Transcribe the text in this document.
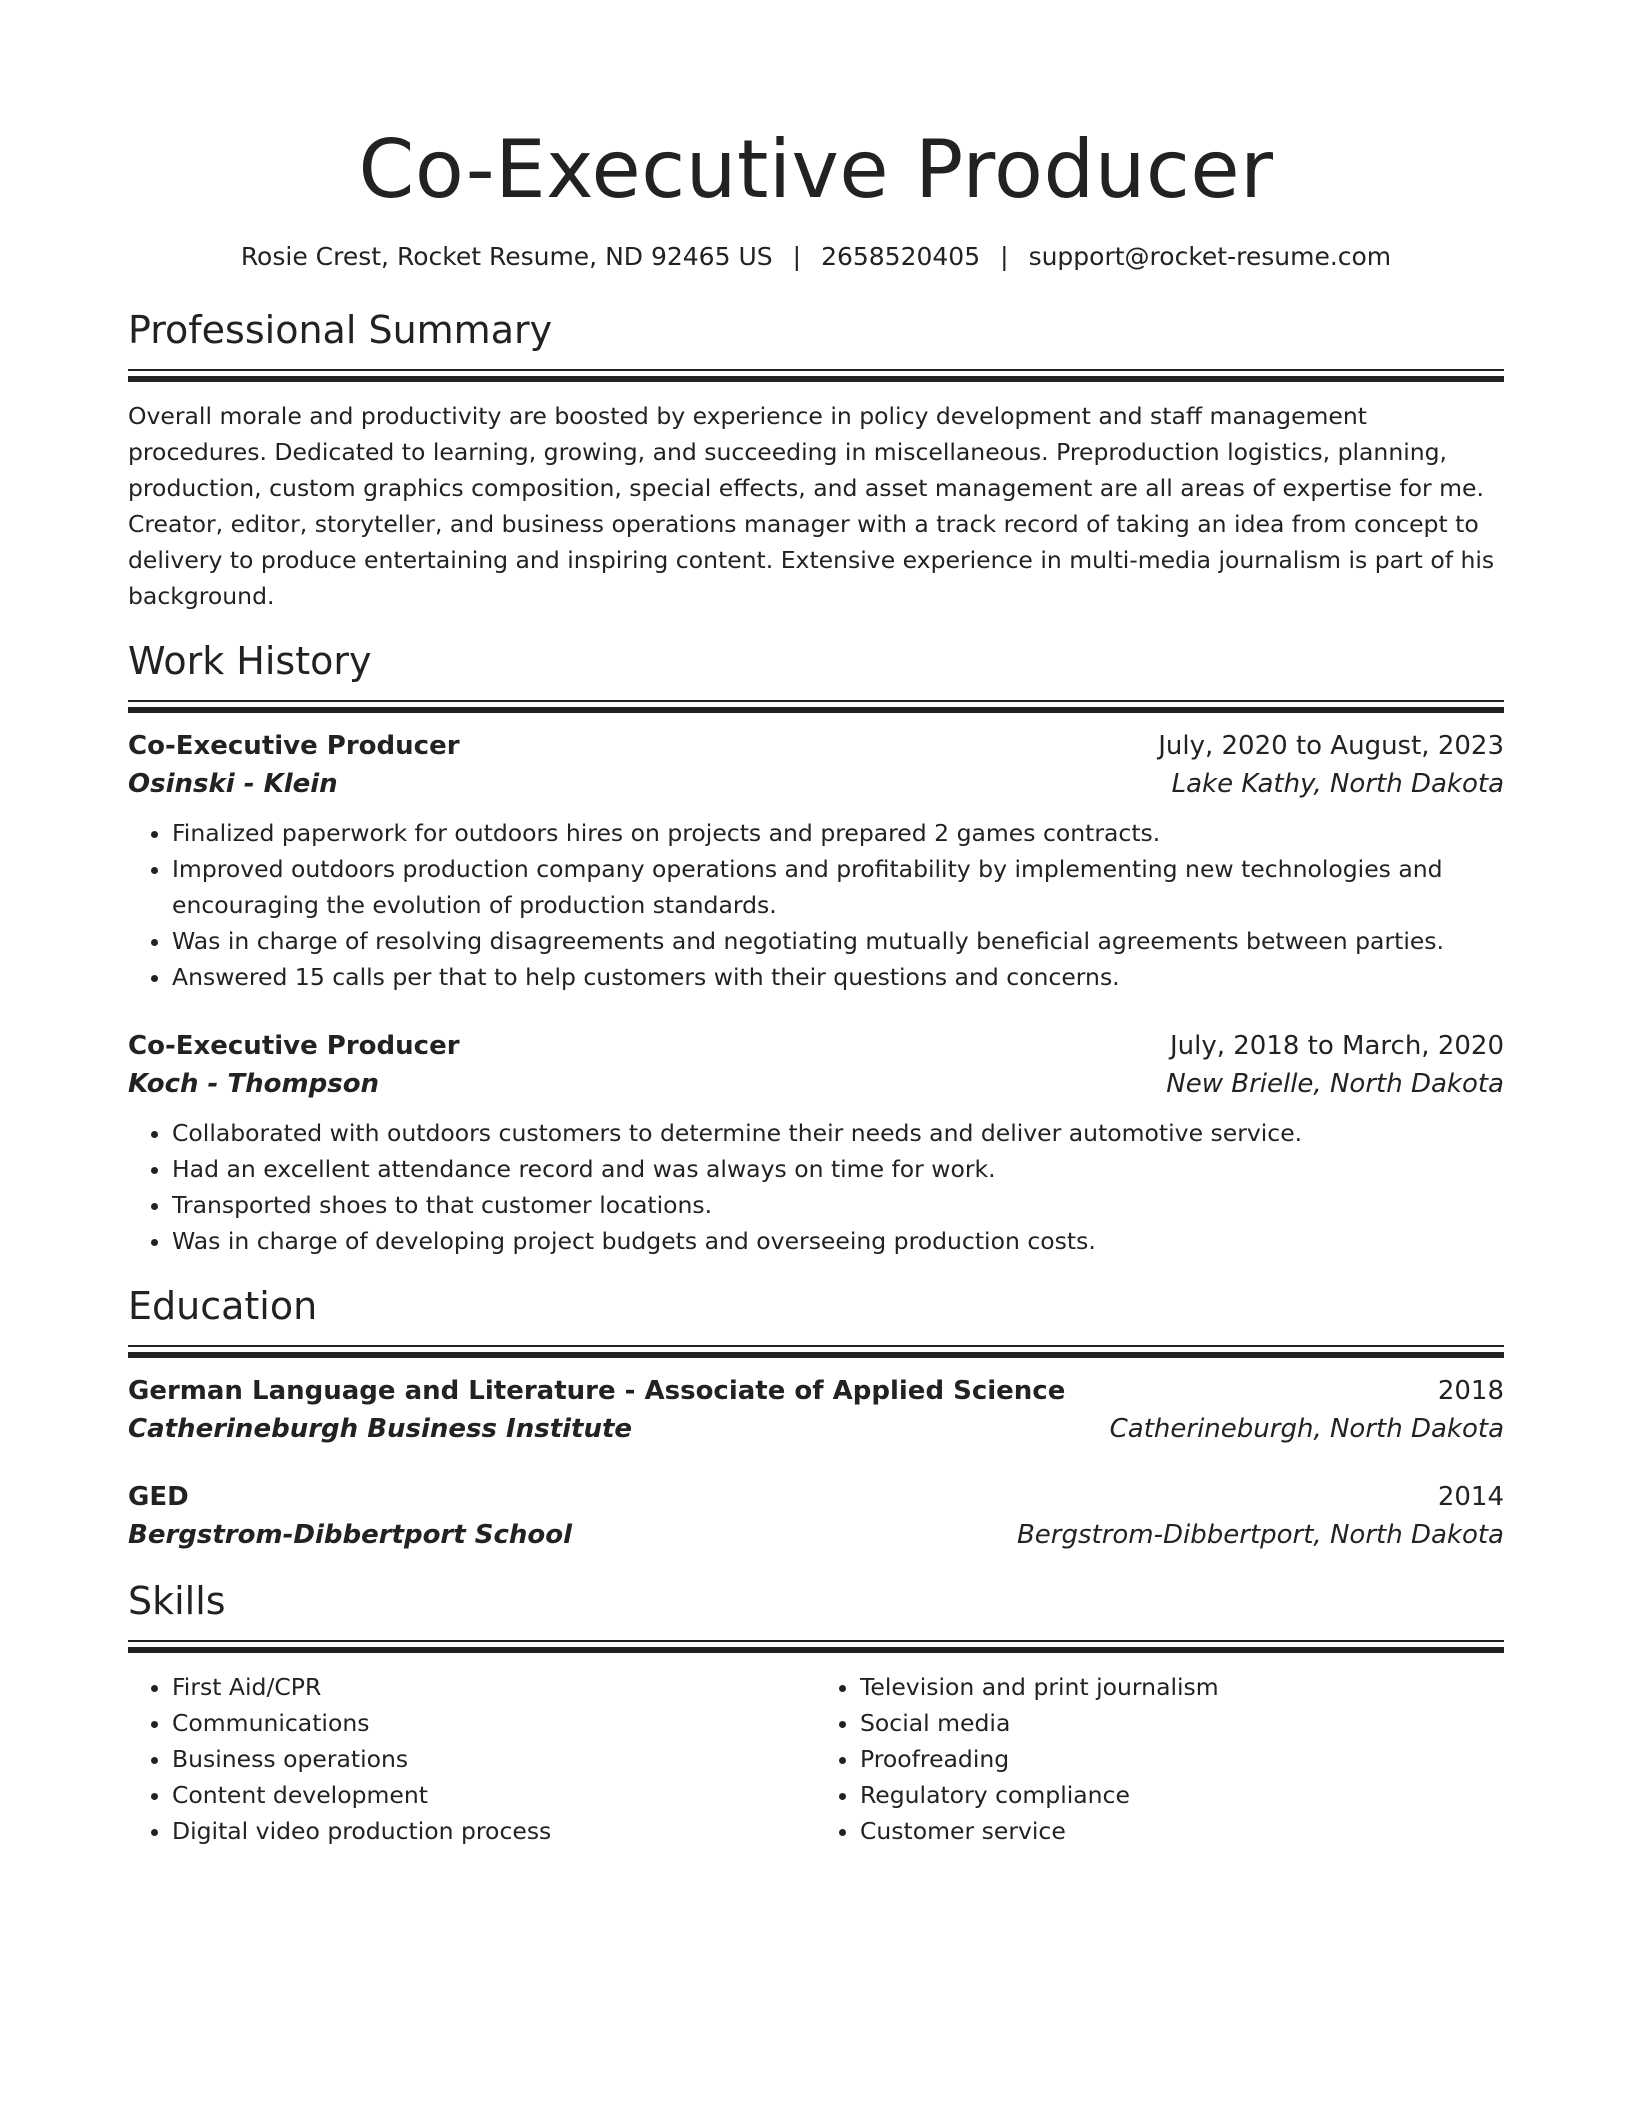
Co-Executive Producer
Rosie Crest, Rocket Resume, ND 92465 US | 2658520405 | support@rocket-resume.com
Professional Summary

Overall morale and productivity are boosted by experience in policy development and staff management procedures. Dedicated to learning, growing, and succeeding in miscellaneous. Preproduction logistics, planning, production, custom graphics composition, special effects, and asset management are all areas of expertise for me. Creator, editor, storyteller, and business operations manager with a track record of taking an idea from concept to delivery to produce entertaining and inspiring content. Extensive experience in multi-media journalism is part of his background.

Work History
Co-Executive Producer	July, 2020 to August, 2023
Osinski - Klein	Lake Kathy, North Dakota
• Finalized paperwork for outdoors hires on projects and prepared 2 games contracts.
• Improved outdoors production company operations and profitability by implementing new technologies and encouraging the evolution of production standards.
• Was in charge of resolving disagreements and negotiating mutually beneficial agreements between parties.
• Answered 15 calls per that to help customers with their questions and concerns.
Co-Executive Producer	July, 2018 to March, 2020
Koch - Thompson	New Brielle, North Dakota
• Collaborated with outdoors customers to determine their needs and deliver automotive service.
• Had an excellent attendance record and was always on time for work.
• Transported shoes to that customer locations.
• Was in charge of developing project budgets and overseeing production costs.
Education
German Language and Literature - Associate of Applied Science	2018
Catherineburgh Business Institute	Catherineburgh, North Dakota
GED	2014
Bergstrom-Dibbertport School	Bergstrom-Dibbertport, North Dakota
Skills
• First Aid/CPR
• Communications
• Business operations
• Content development
• Digital video production process
• Television and print journalism
• Social media
• Proofreading
• Regulatory compliance
• Customer service
